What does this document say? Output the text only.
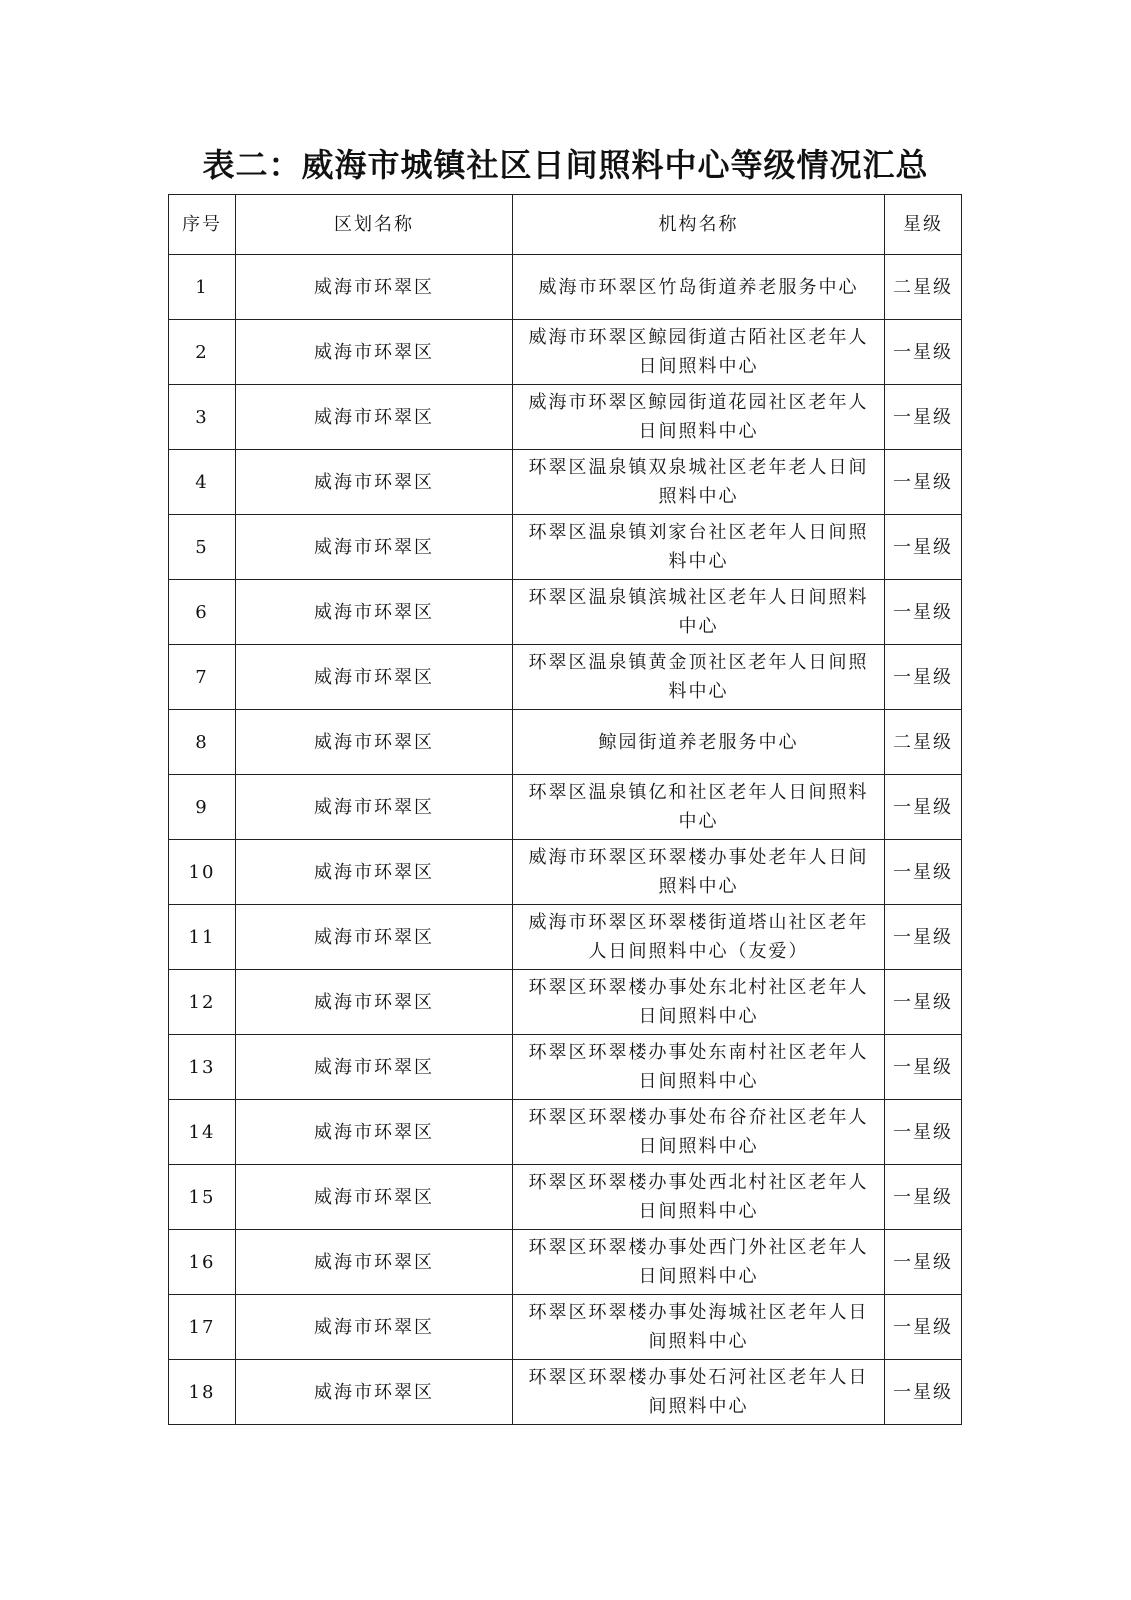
表二：威海市城镇社区日间照料中心等级情况汇总
序号	区划名称	机构名称	星级
1	威海市环翠区	威海市环翠区竹岛街道养老服务中心	二星级
2	威海市环翠区	威海市环翠区鲸园街道古陌社区老年人日间照料中心	一星级
3	威海市环翠区	威海市环翠区鲸园街道花园社区老年人日间照料中心	一星级
4	威海市环翠区	环翠区温泉镇双泉城社区老年老人日间照料中心	一星级
5	威海市环翠区	环翠区温泉镇刘家台社区老年人日间照料中心	一星级
6	威海市环翠区	环翠区温泉镇滨城社区老年人日间照料中心	一星级
7	威海市环翠区	环翠区温泉镇黄金顶社区老年人日间照料中心	一星级
8	威海市环翠区	鲸园街道养老服务中心	二星级
9	威海市环翠区	环翠区温泉镇亿和社区老年人日间照料中心	一星级
10	威海市环翠区	威海市环翠区环翠楼办事处老年人日间照料中心	一星级
11	威海市环翠区	威海市环翠区环翠楼街道塔山社区老年人日间照料中心（友爱）	一星级
12	威海市环翠区	环翠区环翠楼办事处东北村社区老年人日间照料中心	一星级
13	威海市环翠区	环翠区环翠楼办事处东南村社区老年人日间照料中心	一星级
14	威海市环翠区	环翠区环翠楼办事处布谷夼社区老年人日间照料中心	一星级
15	威海市环翠区	环翠区环翠楼办事处西北村社区老年人日间照料中心	一星级
16	威海市环翠区	环翠区环翠楼办事处西门外社区老年人日间照料中心	一星级
17	威海市环翠区	环翠区环翠楼办事处海城社区老年人日间照料中心	一星级
18	威海市环翠区	环翠区环翠楼办事处石河社区老年人日间照料中心	一星级
